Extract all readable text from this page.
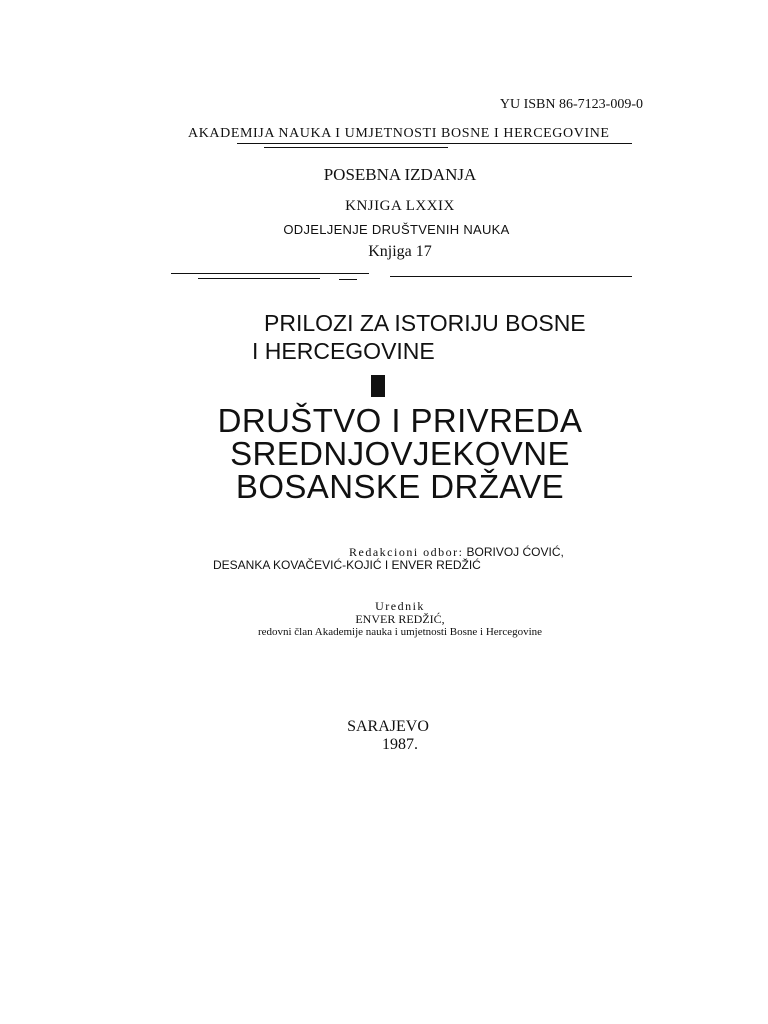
YU ISBN 86-7123-009-0
AKADEMIJA NAUKA I UMJETNOSTI BOSNE I HERCEGOVINE
POSEBNA IZDANJA
KNJIGA LXXIX
ODJELJENJE DRUŠTVENIH NAUKA
Knjiga 17
PRILOZI ZA ISTORIJU BOSNE
I HERCEGOVINE
DRUŠTVO I PRIVREDA
SREDNJOVJEKOVNE
BOSANSKE DRŽAVE
Redakcioni odbor: BORIVOJ ĆOVIĆ,
DESANKA KOVAČEVIĆ-KOJIĆ I ENVER REDŽIĆ
Urednik
ENVER REDŽIĆ,
redovni član Akademije nauka i umjetnosti Bosne i Hercegovine
SARAJEVO
1987.
